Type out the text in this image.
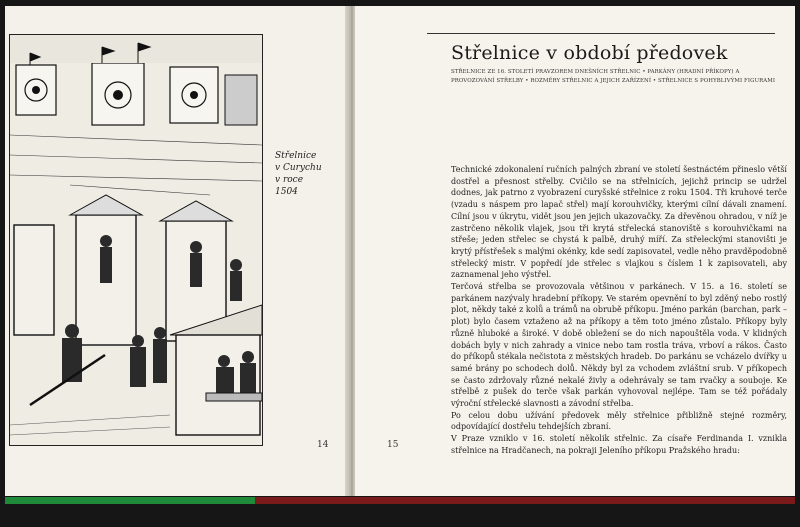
Střelnice
v Curychu
v roce
1504
14
Střelnice v období předovek
STŘELNICE ZE 16. STOLETÍ PRAVZOREM DNEŠNÍCH STŘELNIC • PARKÁNY (HRADNÍ PŘÍKOPY) A PROVOZOVÁNÍ STŘELBY • ROZMĚRY STŘELNIC A JEJICH ZAŘÍZENÍ • STŘELNICE S POHYBLIVÝMI FIGURAMI

Technické zdokonalení ručních palných zbraní ve století šestnáctém přineslo větší dostřel a přesnost střelby. Cvičilo se na střelnicích, jejichž princip se udržel dodnes, jak patrno z vyobrazení curyšské střelnice z roku 1504. Tři kruhové terče (vzadu s náspem pro lapač střel) mají korouhvičky, kterými cílní dávali znamení. Cílní jsou v úkrytu, vidět jsou jen jejich ukazovačky. Za dřevěnou ohradou, v níž je zastrčeno několik vlajek, jsou tři krytá střelecká stanoviště s korouhvičkami na střeše; jeden střelec se chystá k palbě, druhý míří. Za střeleckými stanovišti je krytý přístřešek s malými okénky, kde sedí zapisovatel, vedle něho pravděpodobně střelecký mistr. V popředí jde střelec s vlajkou s číslem 1 k zapisovateli, aby zaznamenal jeho výstřel.

Terčová střelba se provozovala většinou v parkánech. V 15. a 16. století se parkánem nazývaly hradební příkopy. Ve starém opevnění to byl zděný nebo rostlý plot, někdy také z kolů a trámů na obrubě příkopu. Jméno parkán (barchan, park – plot) bylo časem vztaženo až na příkopy a těm toto jméno zůstalo. Příkopy byly různě hluboké a široké. V době obležení se do nich napouštěla voda. V klidných dobách byly v nich zahrady a vinice nebo tam rostla tráva, vrboví a rákos. Často do příkopů stékala nečistota z městských hradeb. Do parkánu se vcházelo dvířky u samé brány po schodech dolů. Někdy byl za vchodem zvláštní srub. V příkopech se často zdržovaly různé nekalé živly a odehrávaly se tam rvačky a souboje. Ke střelbě z pušek do terče však parkán vyhovoval nejlépe. Tam se též pořádaly výroční střelecké slavnosti a závodní střelba.

Po celou dobu užívání předovek měly střelnice přibližně stejné rozměry, odpovídající dostřelu tehdejších zbraní.

V Praze vzniklo v 16. století několik střelnic. Za císaře Ferdinanda I. vznikla střelnice na Hradčanech, na pokraji Jeleního příkopu Pražského hradu:

15
